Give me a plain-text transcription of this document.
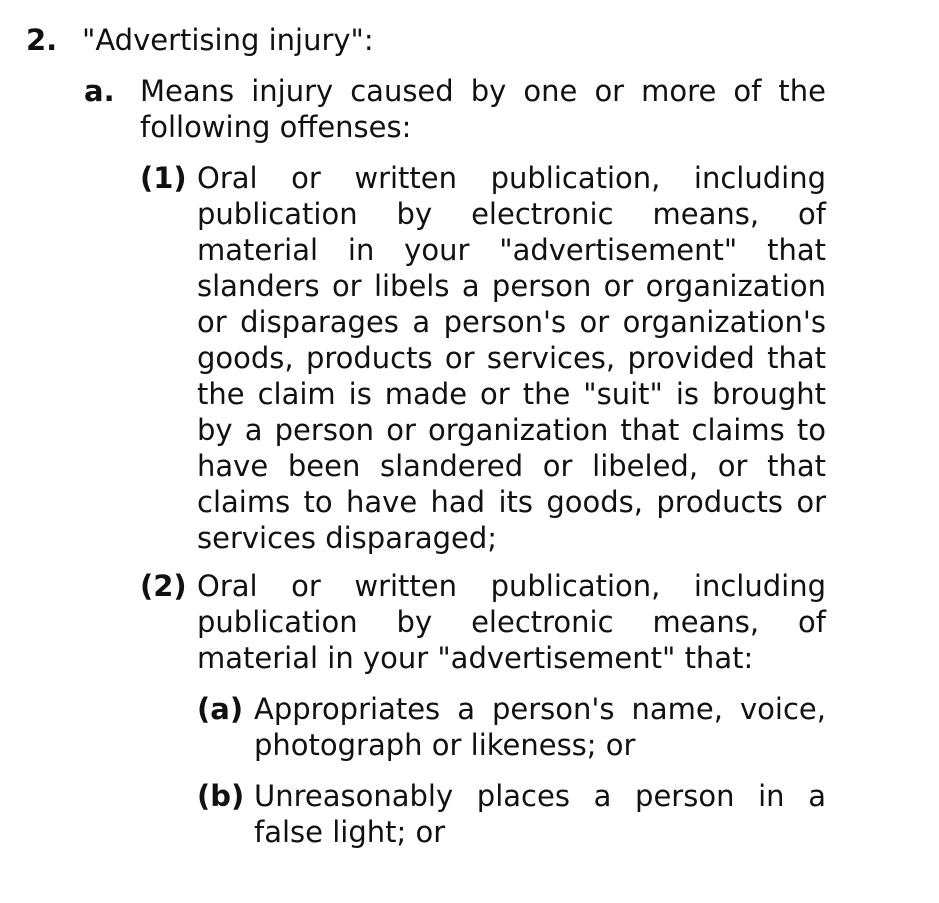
2. "Advertising injury":
a. Means injury caused by one or more of the following offenses:
(1) Oral or written publication, including publication by electronic means, of material in your "advertisement" that slanders or libels a person or organization or disparages a person's or organization's goods, products or services, provided that the claim is made or the "suit" is brought by a person or organization that claims to have been slandered or libeled, or that claims to have had its goods, products or services disparaged;
(2) Oral or written publication, including publication by electronic means, of material in your "advertisement" that:
(a) Appropriates a person's name, voice, photograph or likeness; or
(b) Unreasonably places a person in a false light; or
